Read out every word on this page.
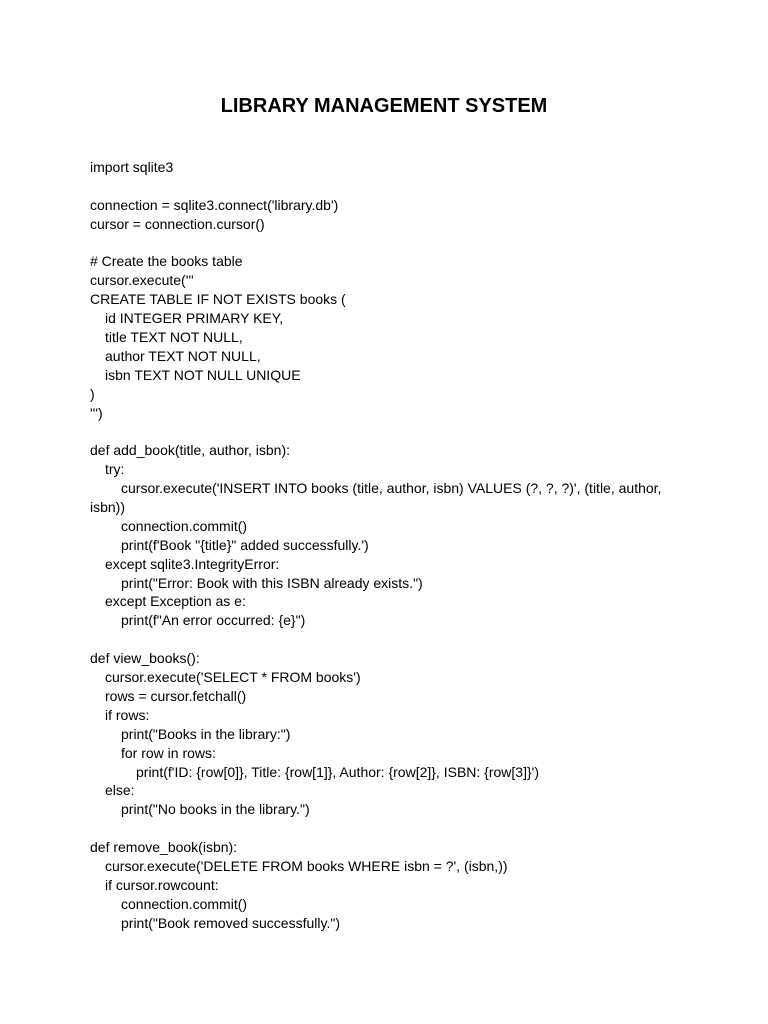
LIBRARY MANAGEMENT SYSTEM
import sqlite3
connection = sqlite3.connect('library.db')
cursor = connection.cursor()
# Create the books table
cursor.execute('''
CREATE TABLE IF NOT EXISTS books (
id INTEGER PRIMARY KEY,
title TEXT NOT NULL,
author TEXT NOT NULL,
isbn TEXT NOT NULL UNIQUE
)
''')
def add_book(title, author, isbn):
try:
cursor.execute('INSERT INTO books (title, author, isbn) VALUES (?, ?, ?)', (title, author,
isbn))
connection.commit()
print(f'Book "{title}" added successfully.')
except sqlite3.IntegrityError:
print("Error: Book with this ISBN already exists.")
except Exception as e:
print(f"An error occurred: {e}")
def view_books():
cursor.execute('SELECT * FROM books')
rows = cursor.fetchall()
if rows:
print("Books in the library:")
for row in rows:
print(f'ID: {row[0]}, Title: {row[1]}, Author: {row[2]}, ISBN: {row[3]}')
else:
print("No books in the library.")
def remove_book(isbn):
cursor.execute('DELETE FROM books WHERE isbn = ?', (isbn,))
if cursor.rowcount:
connection.commit()
print("Book removed successfully.")
